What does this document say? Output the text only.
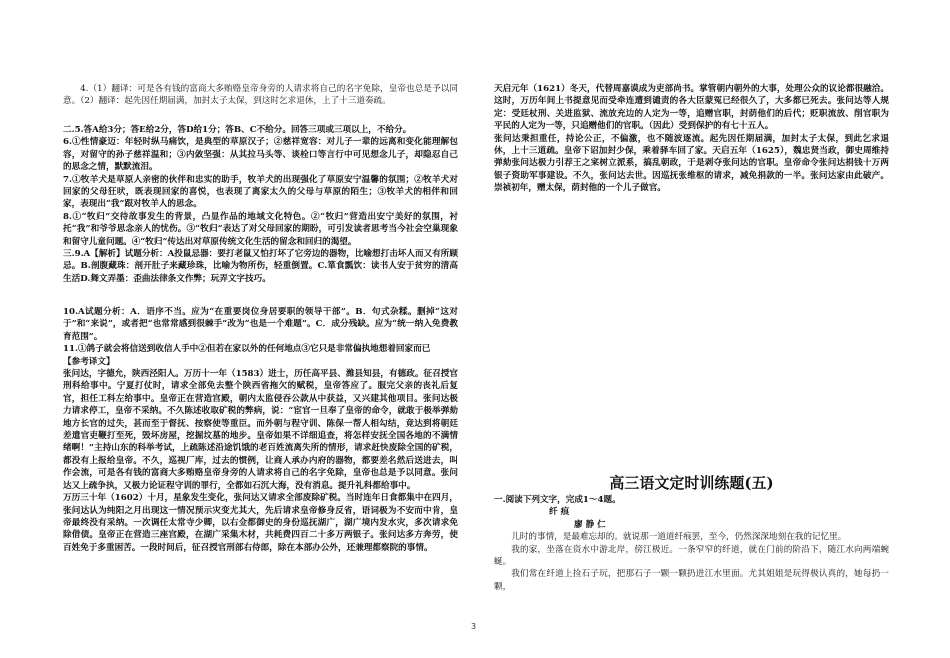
4.（1）翻译：可是各有钱的富商大多贿赂皇帝身旁的人请求将自己的名字免除，皇帝也总是予以同意。（2）翻译：起先因任期届满，加封太子太保，到这时乞求退休，上了十三道奏疏。

二.5.答A给3分；答E给2分，答D给1分；答B、C不给分。回答三项或三项以上，不给分。

6.①性情豪迈：年轻时纵马痛饮，是典型的草原汉子；②慈祥宽容：对儿子一辈的远离和变化能理解包容，对留守的孙子慈祥温和；③内敛坚强：从其拉马头等、谈栓口等言行中可见想念儿子，却隐忍自己的思念之情，默默流泪。

7.①牧羊犬是草原人亲密的伙伴和忠实的助手，牧羊犬的出现强化了草原安宁温馨的氛围；②牧羊犬对回家的父母狂吠，既表现回家的喜悦，也表现了离家太久的父母与草原的陌生；③牧羊犬的相伴和回家，表现出“我”跟对牧羊人的思念。

8.①“牧归”交待故事发生的背景，凸显作品的地域文化特色。②“牧归”营造出安宁美好的氛围，衬托“我”和爷爷思念亲人的忧伤。③“牧归”表达了对父母回家的期盼，可引发读者思考当今社会空巢现象和留守儿童问题。④“牧归”传达出对草原传统文化生活的留念和回归的渴望。

三.9.A【解析】试题分析：A投鼠忌器：要打老鼠又怕打坏了它旁边的器物，比喻想打击坏人而又有所顾忌。B.剖腹藏珠：剖开肚子来藏珍珠，比喻为物所伤，轻重倒置。C.箪食瓢饮：读书人安于贫穷的清高生活D.舞文弄墨：歪曲法律条文作弊；玩弄文字技巧。

10.A试题分析：A．语序不当。应为“在重要岗位身居要职的领导干部”。B．句式杂糅。删掉“这对于”和“来说”，或者把“也常常感到很棘手”改为“也是一个难题”。C．成分残缺。应为“统一纳入免费教育范围”。

11.①鸽子就会将信送到收信人手中②但若在家以外的任何地点③它只是非常偏执地想着回家而已

【参考译文】

张问达，字德允，陕西泾阳人。万历十一年（1583）进士，历任高平县、潍县知县，有德政。征召授官刑科给事中。宁夏打仗时，请求全部免去整个陕西省拖欠的赋税，皇帝答应了。服完父亲的丧礼后复官，担任工科左给事中。皇帝正在营造宫殿，朝内太监侵吞公款从中获益，又兴建其他项目。张问达极力请求停工，皇帝不采纳。不久陈述收取矿税的弊病，说：“宦官一旦奉了皇帝的命令，就敢于极举弹劾地方长官的过失，甚而至于督抚、按察使等重臣。而外朝与程守训、陈保一帮人相勾结，竟达到将朝廷差遣官吏鞭打至死，毁坏房屋，挖掘坟墓的地步。皇帝如果不详细追查，将怎样安抚全国各地的不满情绪啊！”主持山东的科举考试，上疏陈述沿途饥饿的老百姓流离失所的情形，请求赶快废除全国的矿税，都没有上报给皇帝。不久，巡视厂库，过去的惯例，让商人承办内府的器物，都要差名然后送进去，叫作会流，可是各有钱的富商大多贿赂皇帝身旁的人请求将自己的名字免除，皇帝也总是予以同意。张问达又上疏争执，又极力论证程守训的罪行，全都如石沉大海，没有消息。提升礼科都给事中。

万历三十年（1602）十月，星象发生变化，张问达又请求全部废除矿税。当时连年日食都集中在四月，张问达认为纯阳之月出现这一情况预示灾变尤其大，先后请求皇帝修身反省，语词极为不安而中肯，皇帝最终没有采纳。一次调任太常寺少卿，以右佥都御史的身份巡抚湖广，湖广境内发水灾，多次请求免除借债。皇帝正在营造三座宫殿，在湖广采集木材，共耗费四百二十多万两银子。张问达多方奔劳，使百姓免于多重困苦。一段时间后，征召授官刑部右侍郎，除在本部办公外，还兼理都察院的事情。

天启元年（1621）冬天，代替周嘉谟成为吏部尚书。掌管朝内朝外的大事，处理公众的议论都很融洽。这时，万历年间上书提意见而受牵连遭到谴责的各大臣蒙冤已经很久了，大多都已死去。张问达等人规定：受廷杖刑、关进监狱、流放充边的人定为一等，追赠官职，封荫他们的后代；贬职流放、削官职为平民的人定为一等，只追赠他们的官职。（因此）受到保护的有七十五人。

张问达秉担重任，持论公正，不偏激，也不随波逐流。起先因任期届满，加封太子太保，到此乞求退休，上十三道疏。皇帝下诏加封少保，乘着驿车回了家。天启五年（1625），魏忠贤当政，御史周维持弹劾张问达极力引荐王之寀树立派系，搞乱朝政，于是剥夺张问达的官职。皇帝命令张问达捐钱十万两银子资助军事建设。不久，张问达去世。因巡抚张维枢的请求，减免捐款的一半。张问达家由此破产。崇祯初年，赠太保，荫封他的一个儿子做官。

高三语文定时训练题(五)

一.阅读下列文字，完成1～4题。

纤 痕

廖 静 仁

儿时的事情，是最难忘却的。就说那一道道纤痕罢，至今，仍然深深地刻在我的记忆里。

我的家，坐落在资水中游北岸，傍江极近。一条窄窄的纤道，就在门前的阶沿下，随江水向两端蜿蜒。

我们常在纤道上捡石子玩，把那石子一颗一颗扔进江水里面。尤其姐姐是玩得极认真的，她每扔一颗，

3
